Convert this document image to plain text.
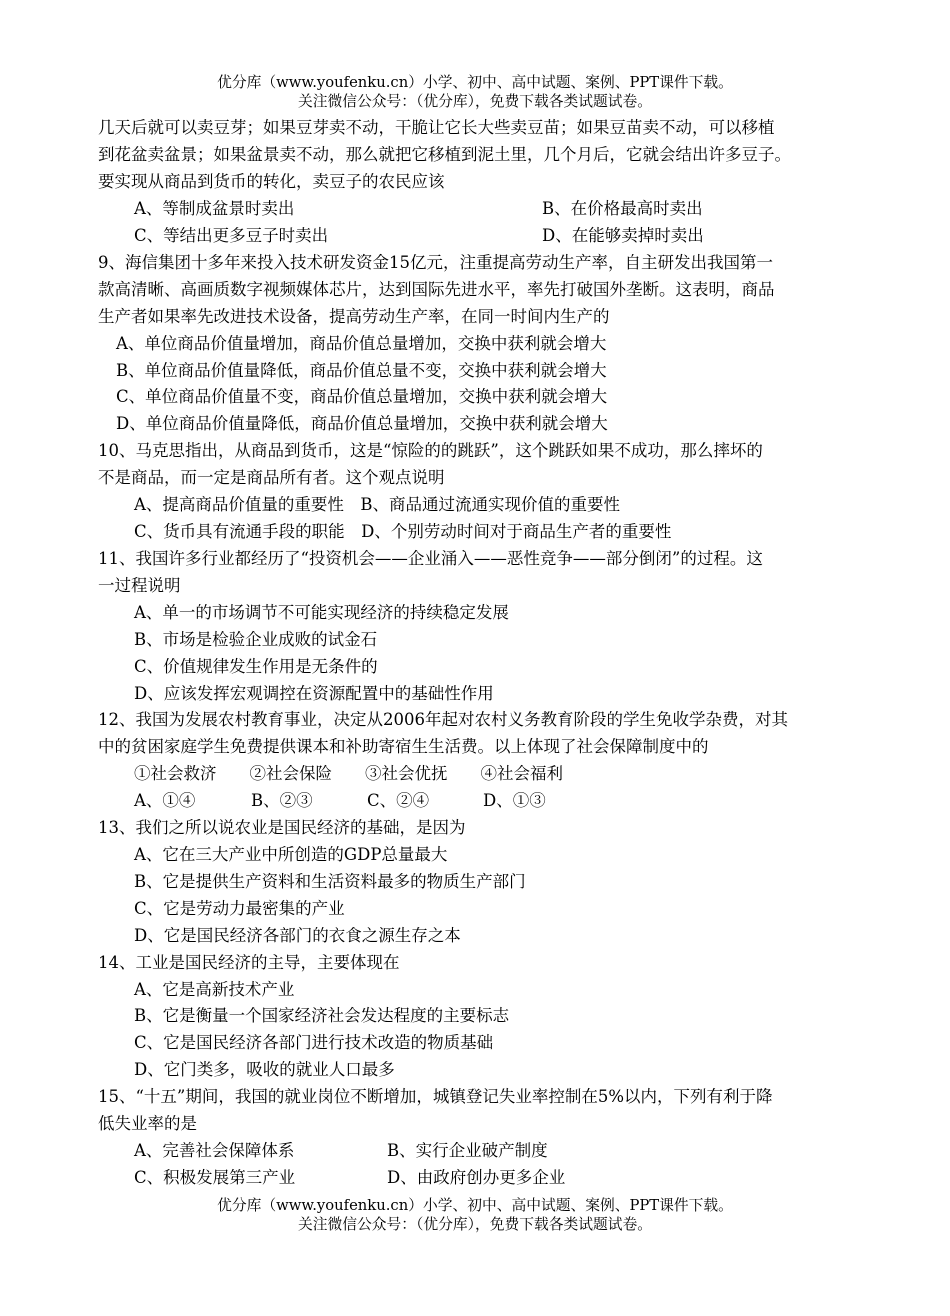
优分库（www.youfenku.cn）小学、初中、高中试题、案例、PPT课件下载。
关注微信公众号：（优分库），免费下载各类试题试卷。
几天后就可以卖豆芽；如果豆芽卖不动，干脆让它长大些卖豆苗；如果豆苗卖不动，可以移植
到花盆卖盆景；如果盆景卖不动，那么就把它移植到泥土里，几个月后，它就会结出许多豆子。
要实现从商品到货币的转化，卖豆子的农民应该
A、等制成盆景时卖出	B、在价格最高时卖出
C、等结出更多豆子时卖出	D、在能够卖掉时卖出
9、海信集团十多年来投入技术研发资金15亿元，注重提高劳动生产率，自主研发出我国第一
款高清晰、高画质数字视频媒体芯片，达到国际先进水平，率先打破国外垄断。这表明，商品
生产者如果率先改进技术设备，提高劳动生产率，在同一时间内生产的
A、单位商品价值量增加，商品价值总量增加，交换中获利就会增大
B、单位商品价值量降低，商品价值总量不变，交换中获利就会增大
C、单位商品价值量不变，商品价值总量增加，交换中获利就会增大
D、单位商品价值量降低，商品价值总量增加，交换中获利就会增大
10、马克思指出，从商品到货币，这是“惊险的的跳跃”，这个跳跃如果不成功，那么摔坏的
不是商品，而一定是商品所有者。这个观点说明
A、提高商品价值量的重要性　B、商品通过流通实现价值的重要性
C、货币具有流通手段的职能　D、个别劳动时间对于商品生产者的重要性
11、我国许多行业都经历了“投资机会——企业涌入——恶性竞争——部分倒闭”的过程。这
一过程说明
A、单一的市场调节不可能实现经济的持续稳定发展
B、市场是检验企业成败的试金石
C、价值规律发生作用是无条件的
D、应该发挥宏观调控在资源配置中的基础性作用
12、我国为发展农村教育事业，决定从2006年起对农村义务教育阶段的学生免收学杂费，对其
中的贫困家庭学生免费提供课本和补助寄宿生生活费。以上体现了社会保障制度中的
①社会救济　　②社会保险　　③社会优抚　　④社会福利
A、①④	B、②③	C、②④	D、①③
13、我们之所以说农业是国民经济的基础，是因为
A、它在三大产业中所创造的GDP总量最大
B、它是提供生产资料和生活资料最多的物质生产部门
C、它是劳动力最密集的产业
D、它是国民经济各部门的衣食之源生存之本
14、工业是国民经济的主导，主要体现在
A、它是高新技术产业
B、它是衡量一个国家经济社会发达程度的主要标志
C、它是国民经济各部门进行技术改造的物质基础
D、它门类多，吸收的就业人口最多
15、“十五”期间，我国的就业岗位不断增加，城镇登记失业率控制在5%以内，下列有利于降
低失业率的是
A、完善社会保障体系	B、实行企业破产制度
C、积极发展第三产业	D、由政府创办更多企业
优分库（www.youfenku.cn）小学、初中、高中试题、案例、PPT课件下载。
关注微信公众号：（优分库），免费下载各类试题试卷。
